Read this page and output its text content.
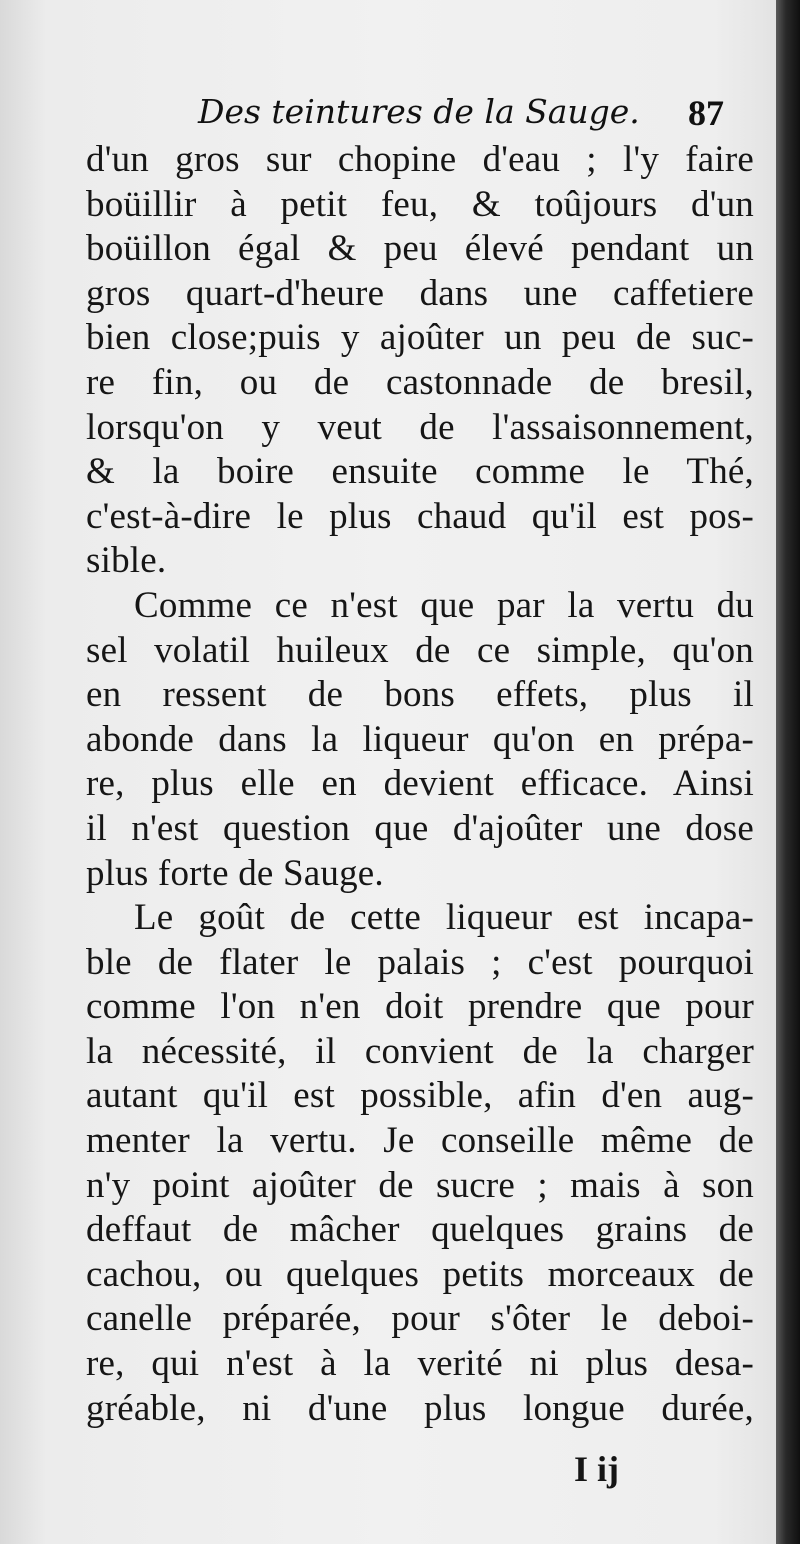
Des teintures de la Sauge. 87
d'un gros sur chopine d'eau ; l'y faire
boüillir à petit feu, & toûjours d'un
boüillon égal & peu élevé pendant un
gros quart-d'heure dans une caffetiere
bien close;puis y ajoûter un peu de suc-
re fin, ou de castonnade de bresil,
lorsqu'on y veut de l'assaisonnement,
& la boire ensuite comme le Thé,
c'est-à-dire le plus chaud qu'il est pos-
sible.
Comme ce n'est que par la vertu du
sel volatil huileux de ce simple, qu'on
en ressent de bons effets, plus il
abonde dans la liqueur qu'on en prépa-
re, plus elle en devient efficace. Ainsi
il n'est question que d'ajoûter une dose
plus forte de Sauge.
Le goût de cette liqueur est incapa-
ble de flater le palais ; c'est pourquoi
comme l'on n'en doit prendre que pour
la nécessité, il convient de la charger
autant qu'il est possible, afin d'en aug-
menter la vertu. Je conseille même de
n'y point ajoûter de sucre ; mais à son
deffaut de mâcher quelques grains de
cachou, ou quelques petits morceaux de
canelle préparée, pour s'ôter le deboi-
re, qui n'est à la verité ni plus desa-
gréable, ni d'une plus longue durée,
I ij
